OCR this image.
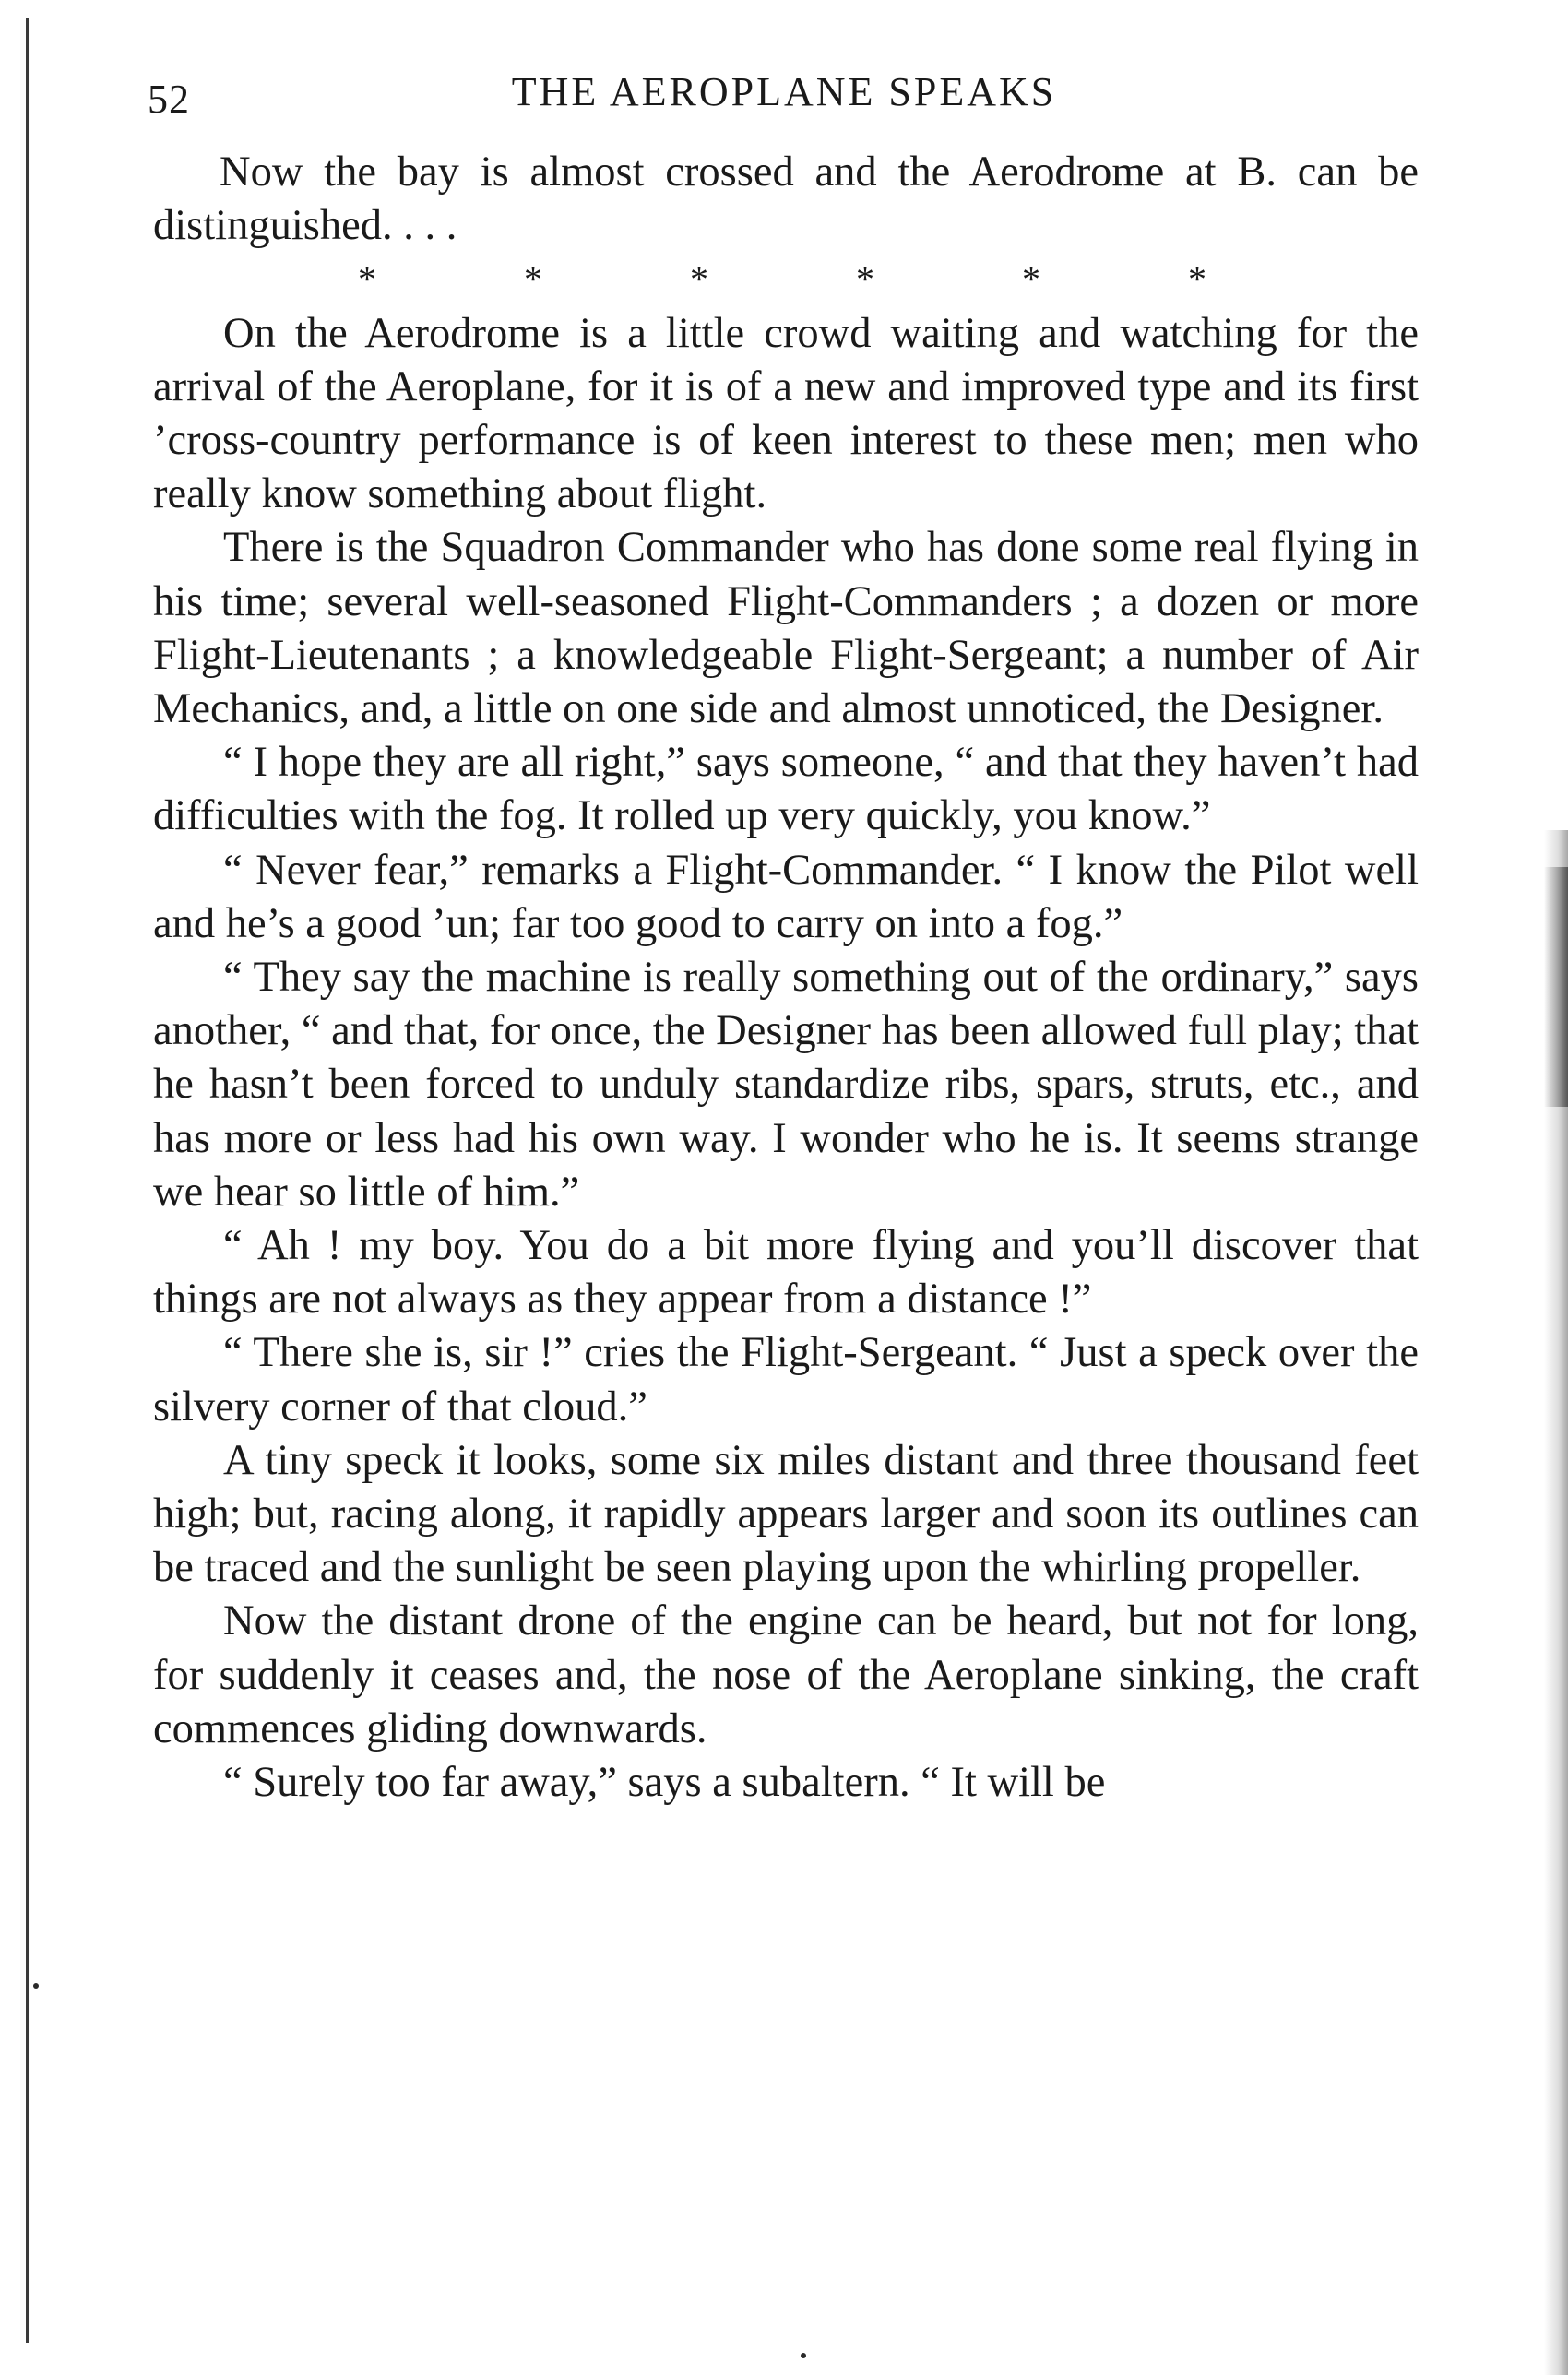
52	THE AEROPLANE SPEAKS

Now the bay is almost crossed and the Aerodrome at B. can be distinguished. . . .

*	*	*	*	*	*

On the Aerodrome is a little crowd waiting and watching for the arrival of the Aeroplane, for it is of a new and improved type and its first ’cross-country performance is of keen interest to these men; men who really know something about flight.

There is the Squadron Commander who has done some real flying in his time; several well-seasoned Flight-Commanders ; a dozen or more Flight-Lieutenants ; a knowledgeable Flight-Sergeant; a number of Air Mechanics, and, a little on one side and almost unnoticed, the Designer.

“ I hope they are all right,” says someone, “ and that they haven’t had difficulties with the fog. It rolled up very quickly, you know.”

“ Never fear,” remarks a Flight-Commander. “ I know the Pilot well and he’s a good ’un; far too good to carry on into a fog.”

“ They say the machine is really something out of the ordinary,” says another, “ and that, for once, the Designer has been allowed full play; that he hasn’t been forced to unduly standardize ribs, spars, struts, etc., and has more or less had his own way. I wonder who he is. It seems strange we hear so little of him.”

“ Ah ! my boy. You do a bit more flying and you’ll discover that things are not always as they appear from a distance !”

“ There she is, sir !” cries the Flight-Sergeant. “ Just a speck over the silvery corner of that cloud.”

A tiny speck it looks, some six miles distant and three thousand feet high; but, racing along, it rapidly appears larger and soon its outlines can be traced and the sunlight be seen playing upon the whirling propeller.

Now the distant drone of the engine can be heard, but not for long, for suddenly it ceases and, the nose of the Aeroplane sinking, the craft commences gliding downwards.

“ Surely too far away,” says a subaltern. “ It will be
